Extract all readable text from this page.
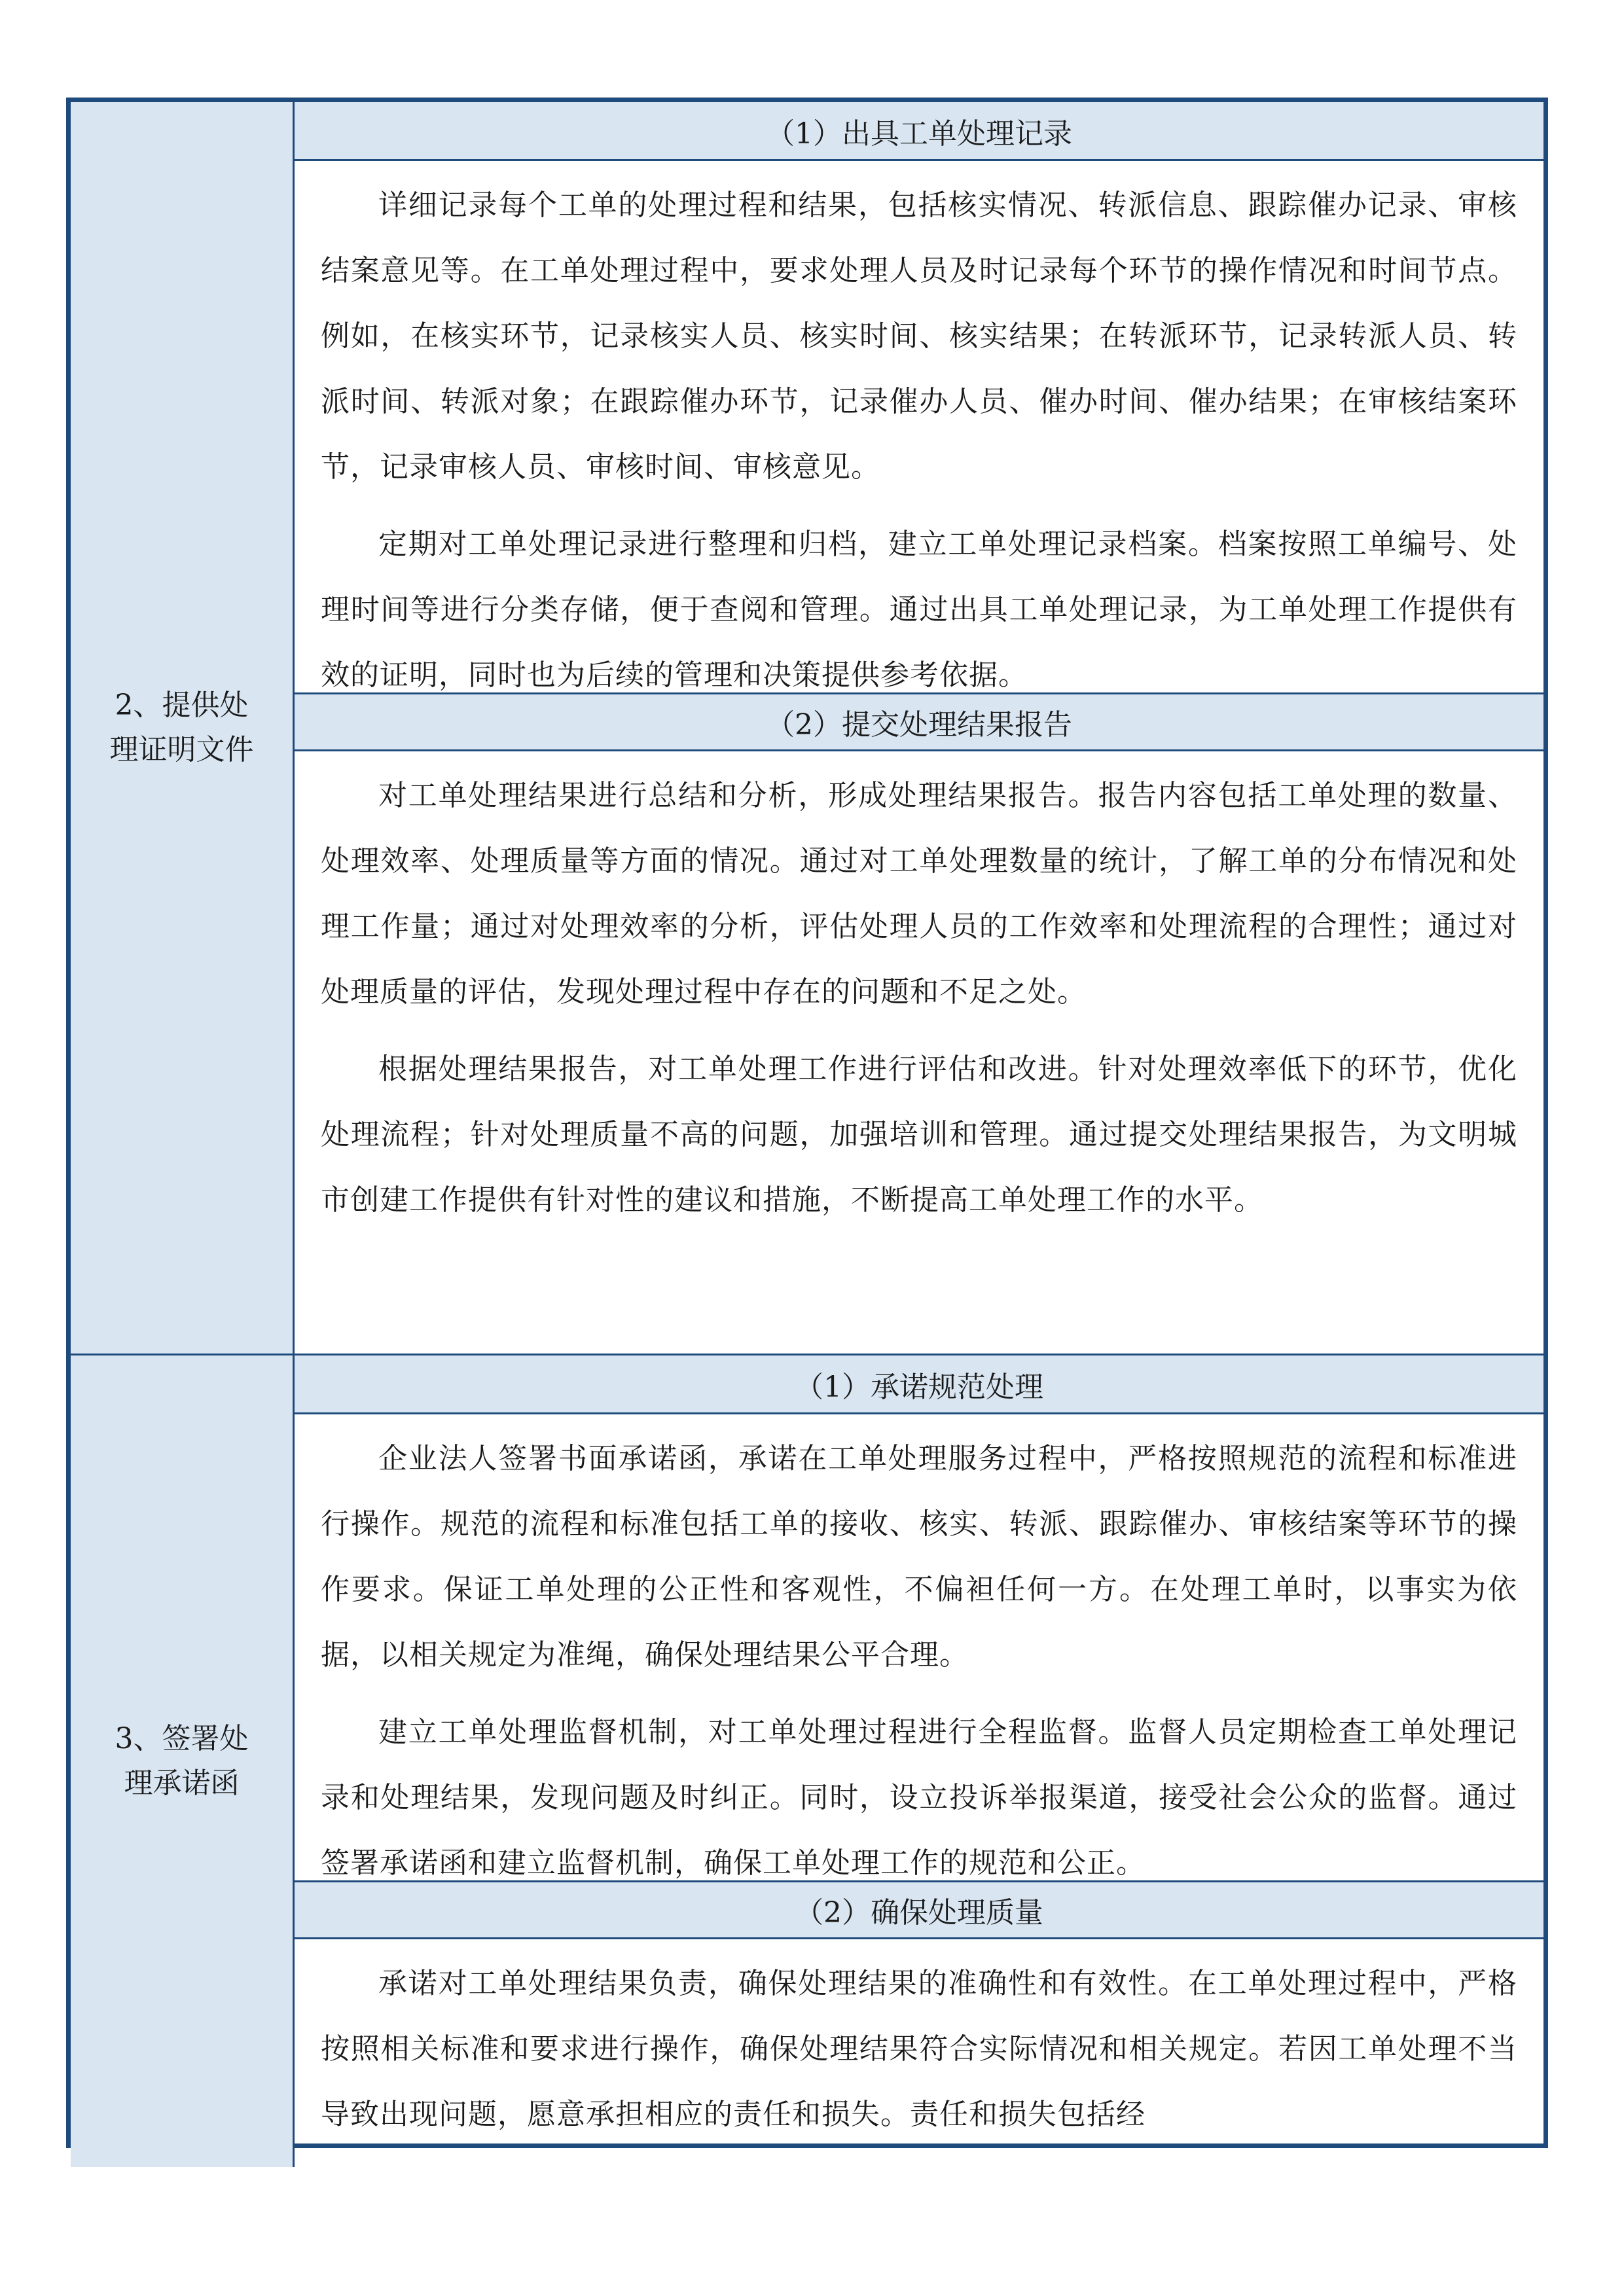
2、提供处理证明文件
（1）出具工单处理记录

详细记录每个工单的处理过程和结果，包括核实情况、转派信息、跟踪催办记录、审核结案意见等。在工单处理过程中，要求处理人员及时记录每个环节的操作情况和时间节点。例如，在核实环节，记录核实人员、核实时间、核实结果；在转派环节，记录转派人员、转派时间、转派对象；在跟踪催办环节，记录催办人员、催办时间、催办结果；在审核结案环节，记录审核人员、审核时间、审核意见。

定期对工单处理记录进行整理和归档，建立工单处理记录档案。档案按照工单编号、处理时间等进行分类存储，便于查阅和管理。通过出具工单处理记录，为工单处理工作提供有效的证明，同时也为后续的管理和决策提供参考依据。

（2）提交处理结果报告

对工单处理结果进行总结和分析，形成处理结果报告。报告内容包括工单处理的数量、处理效率、处理质量等方面的情况。通过对工单处理数量的统计，了解工单的分布情况和处理工作量；通过对处理效率的分析，评估处理人员的工作效率和处理流程的合理性；通过对处理质量的评估，发现处理过程中存在的问题和不足之处。

根据处理结果报告，对工单处理工作进行评估和改进。针对处理效率低下的环节，优化处理流程；针对处理质量不高的问题，加强培训和管理。通过提交处理结果报告，为文明城市创建工作提供有针对性的建议和措施，不断提高工单处理工作的水平。

3、签署处理承诺函
（1）承诺规范处理

企业法人签署书面承诺函，承诺在工单处理服务过程中，严格按照规范的流程和标准进行操作。规范的流程和标准包括工单的接收、核实、转派、跟踪催办、审核结案等环节的操作要求。保证工单处理的公正性和客观性，不偏袒任何一方。在处理工单时，以事实为依据，以相关规定为准绳，确保处理结果公平合理。

建立工单处理监督机制，对工单处理过程进行全程监督。监督人员定期检查工单处理记录和处理结果，发现问题及时纠正。同时，设立投诉举报渠道，接受社会公众的监督。通过签署承诺函和建立监督机制，确保工单处理工作的规范和公正。

（2）确保处理质量

承诺对工单处理结果负责，确保处理结果的准确性和有效性。在工单处理过程中，严格按照相关标准和要求进行操作，确保处理结果符合实际情况和相关规定。若因工单处理不当导致出现问题，愿意承担相应的责任和损失。责任和损失包括经
